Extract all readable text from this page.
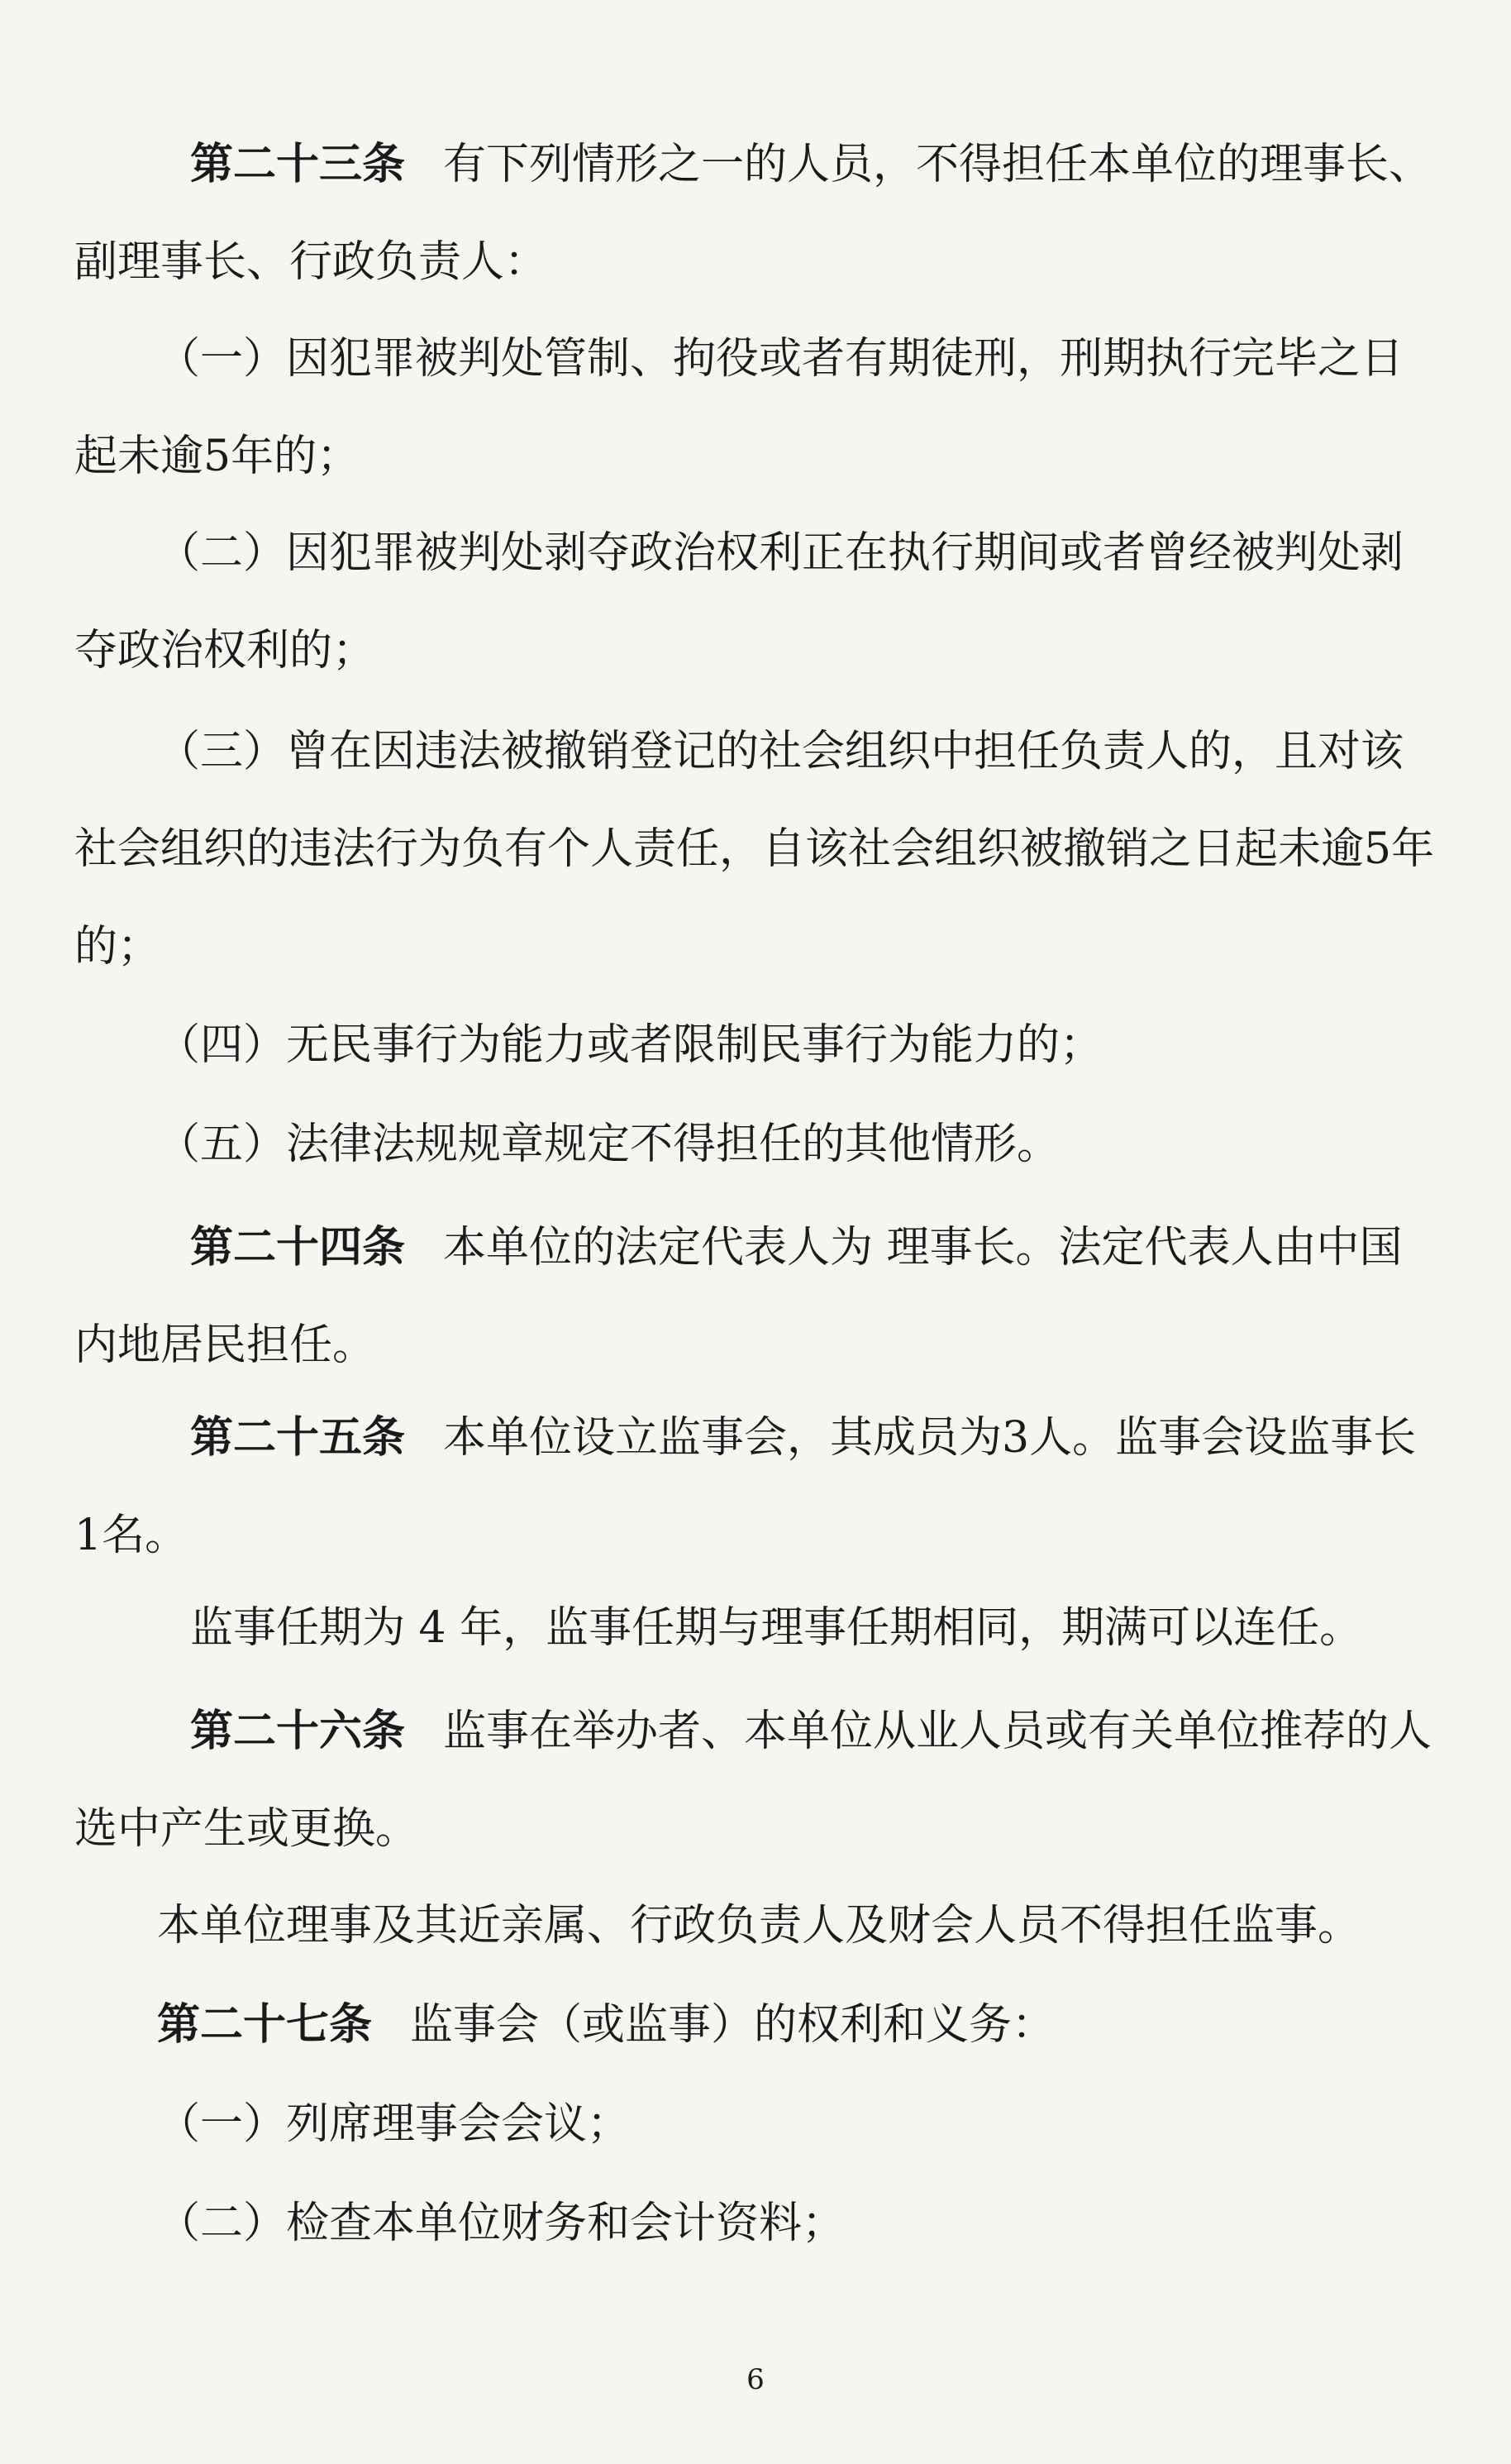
第二十三条 有下列情形之一的人员，不得担任本单位的理事长、副理事长、行政负责人：

（一）因犯罪被判处管制、拘役或者有期徒刑，刑期执行完毕之日起未逾5年的；

（二）因犯罪被判处剥夺政治权利正在执行期间或者曾经被判处剥夺政治权利的；

（三）曾在因违法被撤销登记的社会组织中担任负责人的，且对该社会组织的违法行为负有个人责任，自该社会组织被撤销之日起未逾5年的；

（四）无民事行为能力或者限制民事行为能力的；

（五）法律法规规章规定不得担任的其他情形。

第二十四条 本单位的法定代表人为 理事长。法定代表人由中国内地居民担任。

第二十五条 本单位设立监事会，其成员为3人。监事会设监事长1名。

监事任期为 4 年，监事任期与理事任期相同，期满可以连任。

第二十六条 监事在举办者、本单位从业人员或有关单位推荐的人选中产生或更换。

本单位理事及其近亲属、行政负责人及财会人员不得担任监事。

第二十七条 监事会（或监事）的权利和义务：

（一）列席理事会会议；

（二）检查本单位财务和会计资料；

6
